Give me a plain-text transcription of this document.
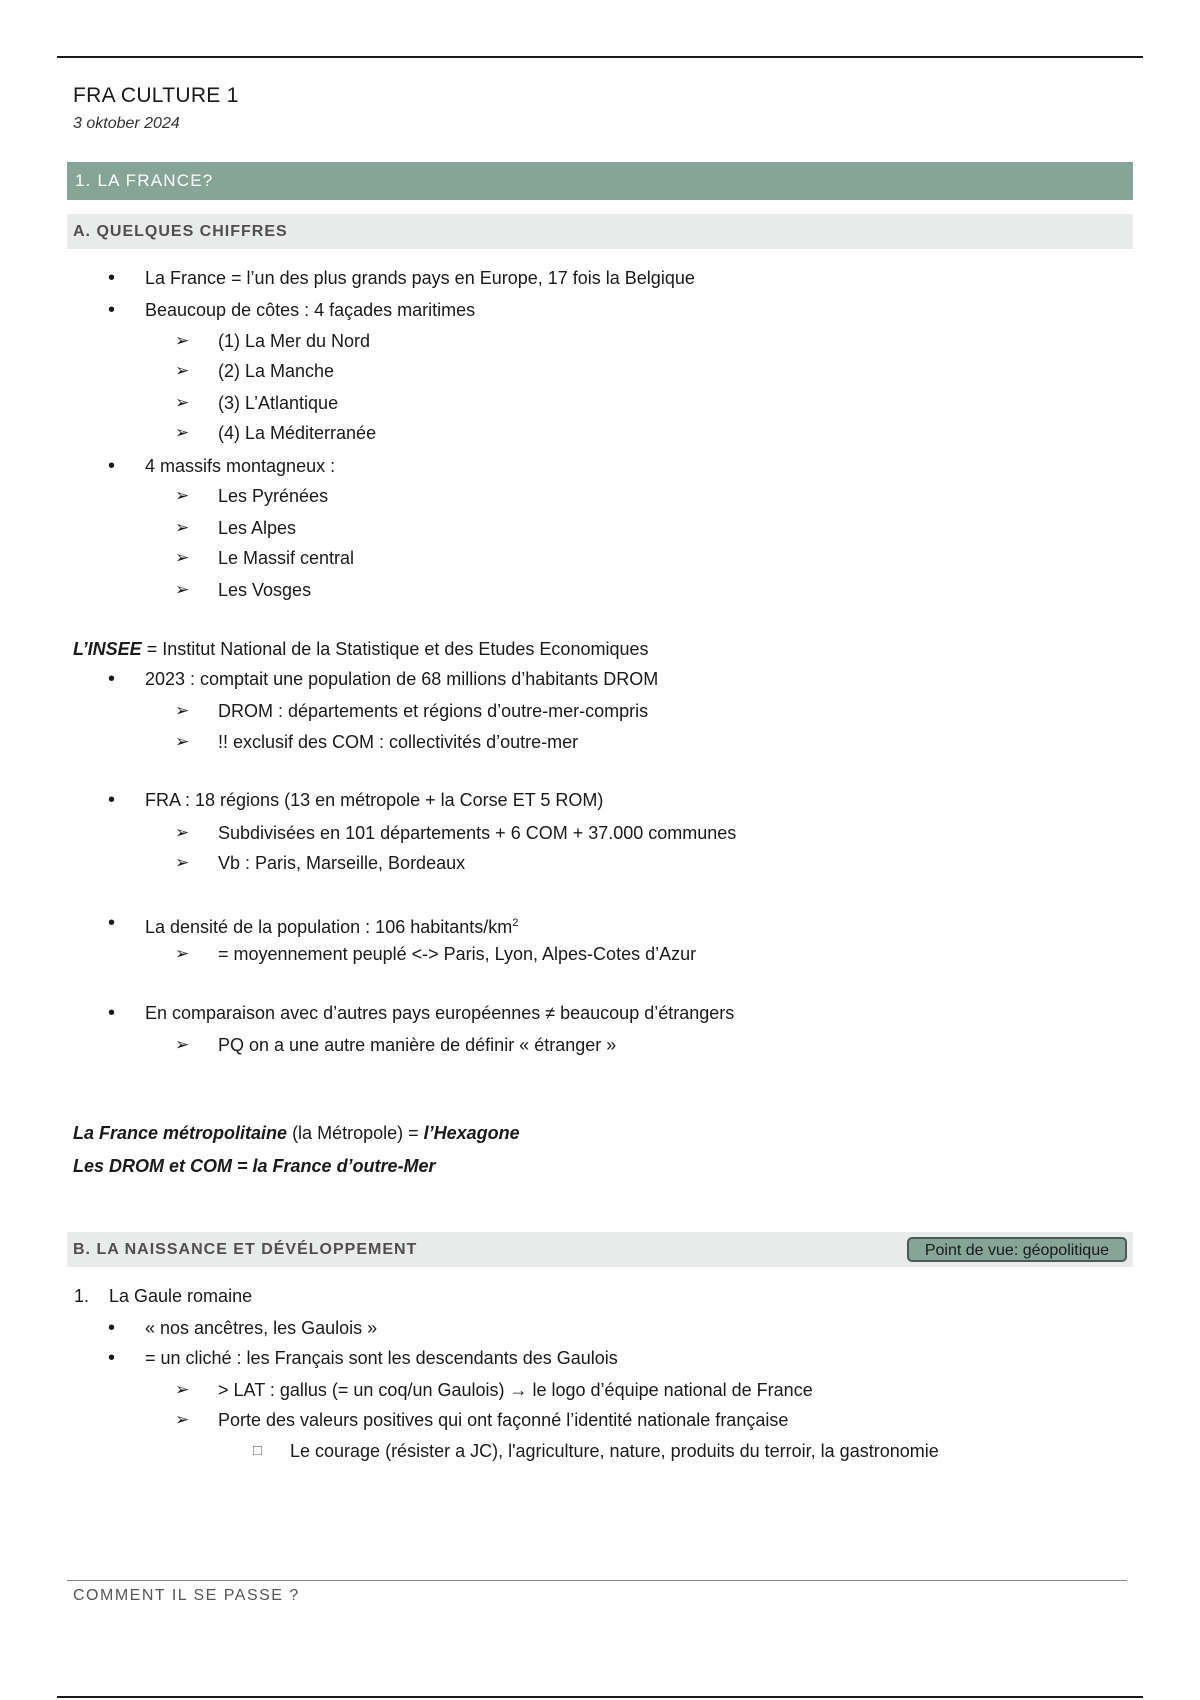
FRA CULTURE 1
3 oktober 2024
1. LA FRANCE?
A. QUELQUES CHIFFRES
• La France = l’un des plus grands pays en Europe, 17 fois la Belgique
• Beaucoup de côtes : 4 façades maritimes
➢ (1) La Mer du Nord
➢ (2) La Manche
➢ (3) L’Atlantique
➢ (4) La Méditerranée
• 4 massifs montagneux :
➢ Les Pyrénées
➢ Les Alpes
➢ Le Massif central
➢ Les Vosges
L’INSEE = Institut National de la Statistique et des Etudes Economiques
• 2023 : comptait une population de 68 millions d’habitants DROM
➢ DROM : départements et régions d’outre-mer-compris
➢ !! exclusif des COM : collectivités d’outre-mer
• FRA : 18 régions (13 en métropole + la Corse ET 5 ROM)
➢ Subdivisées en 101 départements + 6 COM + 37.000 communes
➢ Vb : Paris, Marseille, Bordeaux
• La densité de la population : 106 habitants/$km^2$
➢ = moyennement peuplé <-> Paris, Lyon, Alpes-Cotes d’Azur
• En comparaison avec d’autres pays européennes ≠ beaucoup d’étrangers
➢ PQ on a une autre manière de définir « étranger »
La France métropolitaine (la Métropole) = l’Hexagone
Les DROM et COM = la France d’outre-Mer
B. LA NAISSANCE ET DÉVÉLOPPEMENT	Point de vue: géopolitique
1. La Gaule romaine
• « nos ancêtres, les Gaulois »
• = un cliché : les Français sont les descendants des Gaulois
➢ > LAT : gallus (= un coq/un Gaulois) → le logo d’équipe national de France
➢ Porte des valeurs positives qui ont façonné l’identité nationale française
□ Le courage (résister a JC), l'agriculture, nature, produits du terroir, la gastronomie
COMMENT IL SE PASSE ?
